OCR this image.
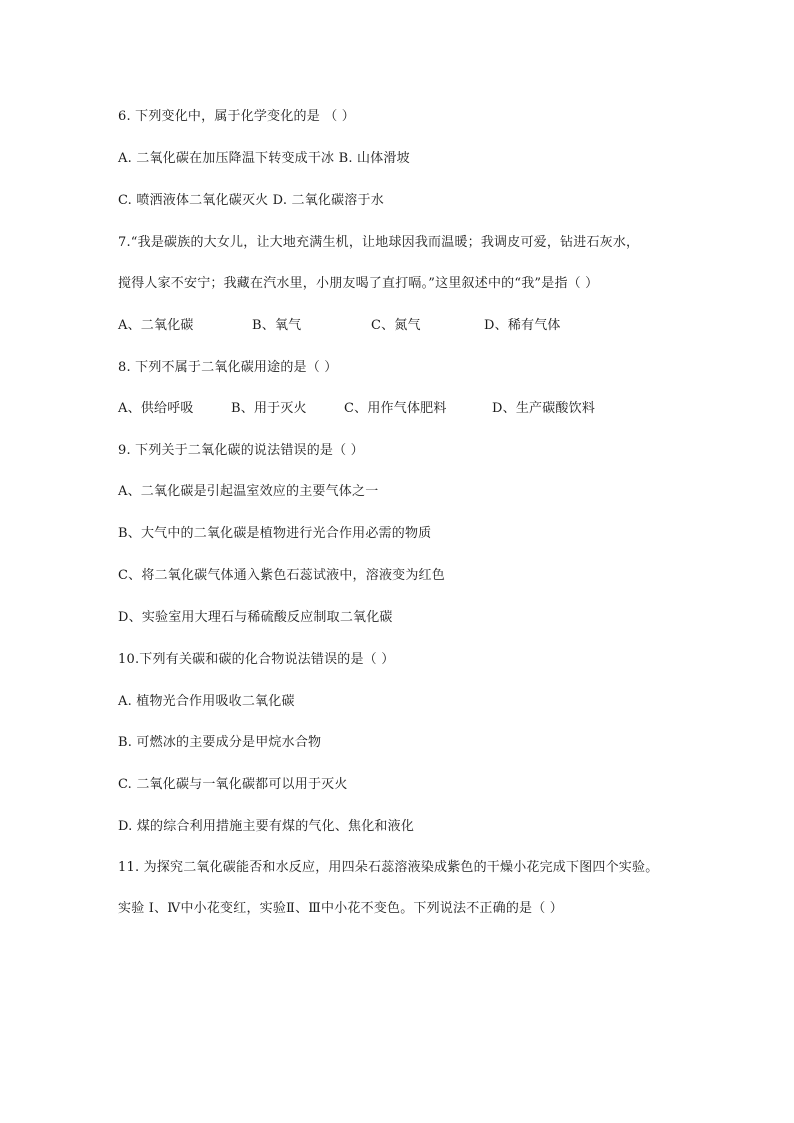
6. 下列变化中，属于化学变化的是 （ ）
A. 二氧化碳在加压降温下转变成干冰 B. 山体滑坡
C. 喷洒液体二氧化碳灭火 D. 二氧化碳溶于水
7.“我是碳族的大女儿，让大地充满生机，让地球因我而温暖；我调皮可爱，钻进石灰水，
搅得人家不安宁；我藏在汽水里，小朋友喝了直打嗝。”这里叙述中的“我”是指（ ）
A、二氧化碳	B、氧气	C、氮气	D、稀有气体
8. 下列不属于二氧化碳用途的是（ ）
A、供给呼吸	B、用于灭火	C、用作气体肥料	D、生产碳酸饮料
9. 下列关于二氧化碳的说法错误的是（ ）
A、二氧化碳是引起温室效应的主要气体之一
B、大气中的二氧化碳是植物进行光合作用必需的物质
C、将二氧化碳气体通入紫色石蕊试液中，溶液变为红色
D、实验室用大理石与稀硫酸反应制取二氧化碳
10.下列有关碳和碳的化合物说法错误的是（ ）
A. 植物光合作用吸收二氧化碳
B. 可燃冰的主要成分是甲烷水合物
C. 二氧化碳与一氧化碳都可以用于灭火
D. 煤的综合利用措施主要有煤的气化、焦化和液化
11. 为探究二氧化碳能否和水反应，用四朵石蕊溶液染成紫色的干燥小花完成下图四个实验。
实验 Ⅰ、Ⅳ中小花变红，实验Ⅱ、Ⅲ中小花不变色。下列说法不正确的是（ ）
